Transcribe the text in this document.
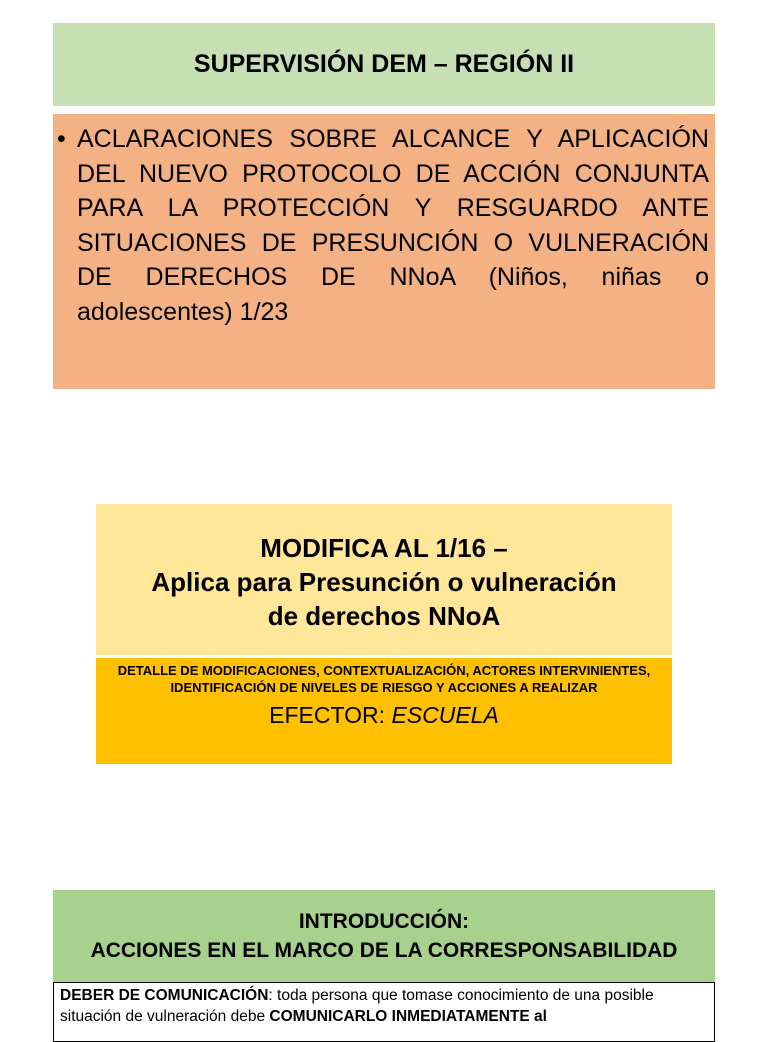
SUPERVISIÓN DEM – REGIÓN II
• ACLARACIONES SOBRE ALCANCE Y APLICACIÓN DEL NUEVO PROTOCOLO DE ACCIÓN CONJUNTA PARA LA PROTECCIÓN Y RESGUARDO ANTE SITUACIONES DE PRESUNCIÓN O VULNERACIÓN DE DERECHOS DE NNoA (Niños, niñas o adolescentes) 1/23
MODIFICA AL 1/16 –
Aplica para Presunción o vulneración
de derechos NNoA
DETALLE DE MODIFICACIONES, CONTEXTUALIZACIÓN, ACTORES INTERVINIENTES, IDENTIFICACIÓN DE NIVELES DE RIESGO Y ACCIONES A REALIZAR
EFECTOR: ESCUELA
INTRODUCCIÓN:
ACCIONES EN EL MARCO DE LA CORRESPONSABILIDAD
DEBER DE COMUNICACIÓN: toda persona que tomase conocimiento de una posible situación de vulneración debe COMUNICARLO INMEDIATAMENTE al
